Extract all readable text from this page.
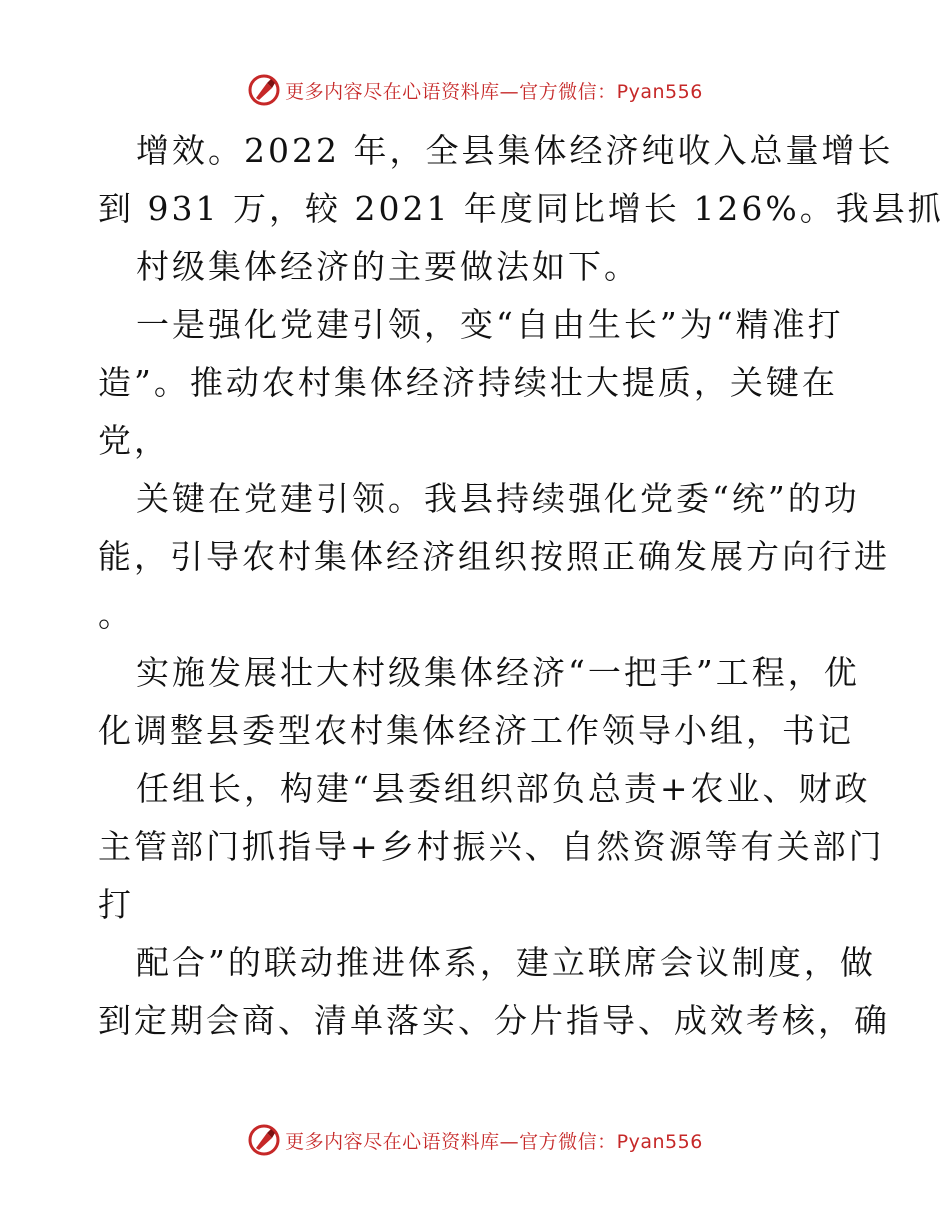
更多内容尽在心语资料库—官方微信：Pyan556
增效。2022 年，全县集体经济纯收入总量增长
到 931 万，较 2021 年度同比增长 126%。我县抓
村级集体经济的主要做法如下。
一是强化党建引领，变“自由生长”为“精准打
造”。推动农村集体经济持续壮大提质，关键在
党，
关键在党建引领。我县持续强化党委“统”的功
能，引导农村集体经济组织按照正确发展方向行进
。
实施发展壮大村级集体经济“一把手”工程，优
化调整县委型农村集体经济工作领导小组，书记
任组长，构建“县委组织部负总责+农业、财政
主管部门抓指导+乡村振兴、自然资源等有关部门
打
配合”的联动推进体系，建立联席会议制度，做
到定期会商、清单落实、分片指导、成效考核，确
更多内容尽在心语资料库—官方微信：Pyan556
